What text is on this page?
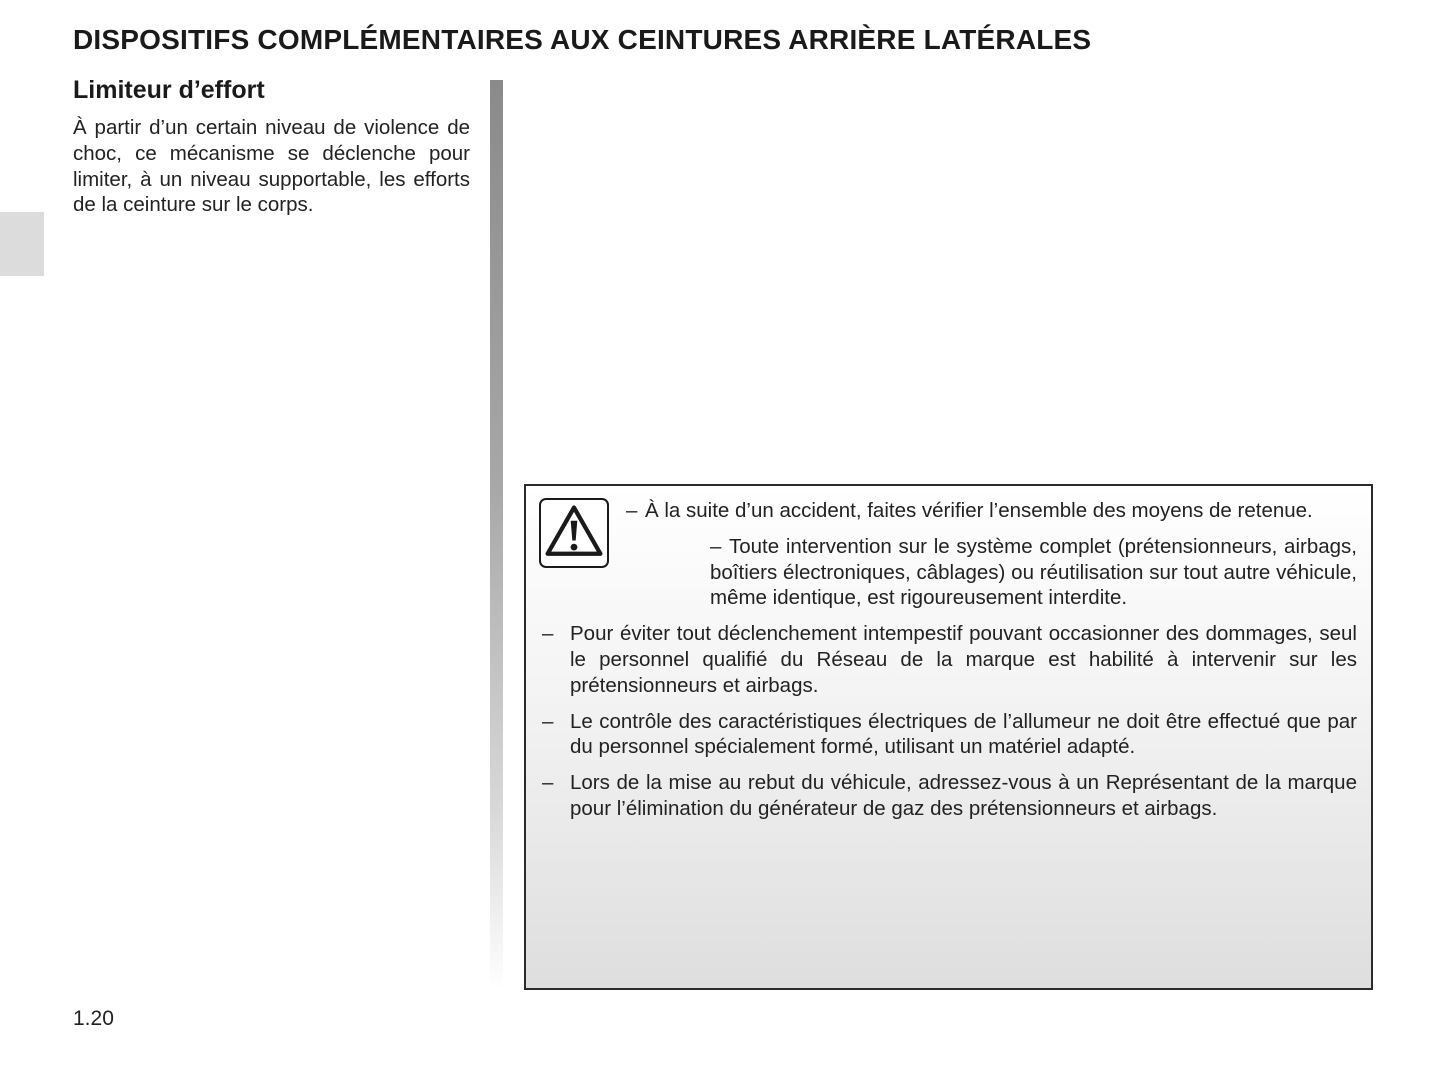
DISPOSITIFS COMPLÉMENTAIRES AUX CEINTURES ARRIÈRE LATÉRALES
Limiteur d’effort

À partir d’un certain niveau de violence de choc, ce mécanisme se déclenche pour limiter, à un niveau supportable, les efforts de la ceinture sur le corps.

– À la suite d’un accident, faites vérifier l’ensemble des moyens de retenue.

– Toute intervention sur le système complet (prétensionneurs, airbags, boîtiers électroniques, câblages) ou réutilisation sur tout autre véhicule, même identique, est rigoureusement interdite.

– Pour éviter tout déclenchement intempestif pouvant occasionner des dommages, seul le personnel qualifié du Réseau de la marque est habilité à intervenir sur les prétensionneurs et airbags.

– Le contrôle des caractéristiques électriques de l’allumeur ne doit être effectué que par du personnel spécialement formé, utilisant un matériel adapté.

– Lors de la mise au rebut du véhicule, adressez-vous à un Représentant de la marque pour l’élimination du générateur de gaz des prétensionneurs et airbags.

1.20
